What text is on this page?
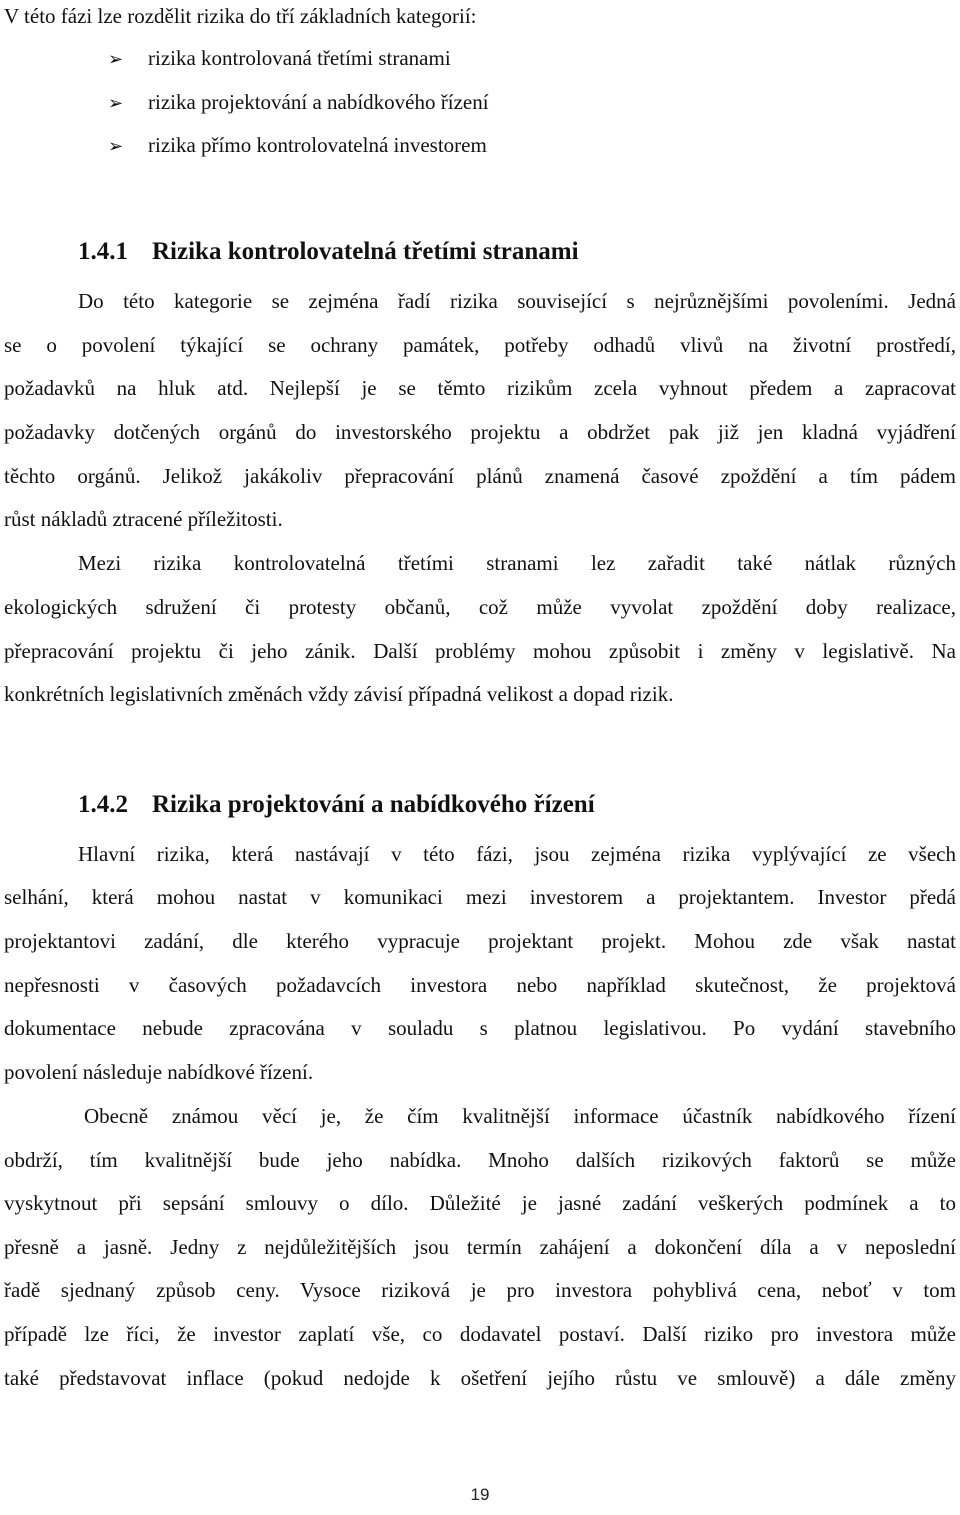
V této fázi lze rozdělit rizika do tří základních kategorií:
➢ rizika kontrolovaná třetími stranami
➢ rizika projektování a nabídkového řízení
➢ rizika přímo kontrolovatelná investorem
1.4.1 Rizika kontrolovatelná třetími stranami
Do této kategorie se zejména řadí rizika související s nejrůznějšími povoleními. Jedná
se o povolení týkající se ochrany památek, potřeby odhadů vlivů na životní prostředí,
požadavků na hluk atd. Nejlepší je se těmto rizikům zcela vyhnout předem a zapracovat
požadavky dotčených orgánů do investorského projektu a obdržet pak již jen kladná vyjádření
těchto orgánů. Jelikož jakákoliv přepracování plánů znamená časové zpoždění a tím pádem
růst nákladů ztracené příležitosti.
Mezi rizika kontrolovatelná třetími stranami lez zařadit také nátlak různých
ekologických sdružení či protesty občanů, což může vyvolat zpoždění doby realizace,
přepracování projektu či jeho zánik. Další problémy mohou způsobit i změny v legislativě. Na
konkrétních legislativních změnách vždy závisí případná velikost a dopad rizik.
1.4.2 Rizika projektování a nabídkového řízení
Hlavní rizika, která nastávají v této fázi, jsou zejména rizika vyplývající ze všech
selhání, která mohou nastat v komunikaci mezi investorem a projektantem. Investor předá
projektantovi zadání, dle kterého vypracuje projektant projekt. Mohou zde však nastat
nepřesnosti v časových požadavcích investora nebo například skutečnost, že projektová
dokumentace nebude zpracována v souladu s platnou legislativou. Po vydání stavebního
povolení následuje nabídkové řízení.
Obecně známou věcí je, že čím kvalitnější informace účastník nabídkového řízení
obdrží, tím kvalitnější bude jeho nabídka. Mnoho dalších rizikových faktorů se může
vyskytnout při sepsání smlouvy o dílo. Důležité je jasné zadání veškerých podmínek a to
přesně a jasně. Jedny z nejdůležitějších jsou termín zahájení a dokončení díla a v neposlední
řadě sjednaný způsob ceny. Vysoce riziková je pro investora pohyblivá cena, neboť v tom
případě lze říci, že investor zaplatí vše, co dodavatel postaví. Další riziko pro investora může
také představovat inflace (pokud nedojde k ošetření jejího růstu ve smlouvě) a dále změny
19
